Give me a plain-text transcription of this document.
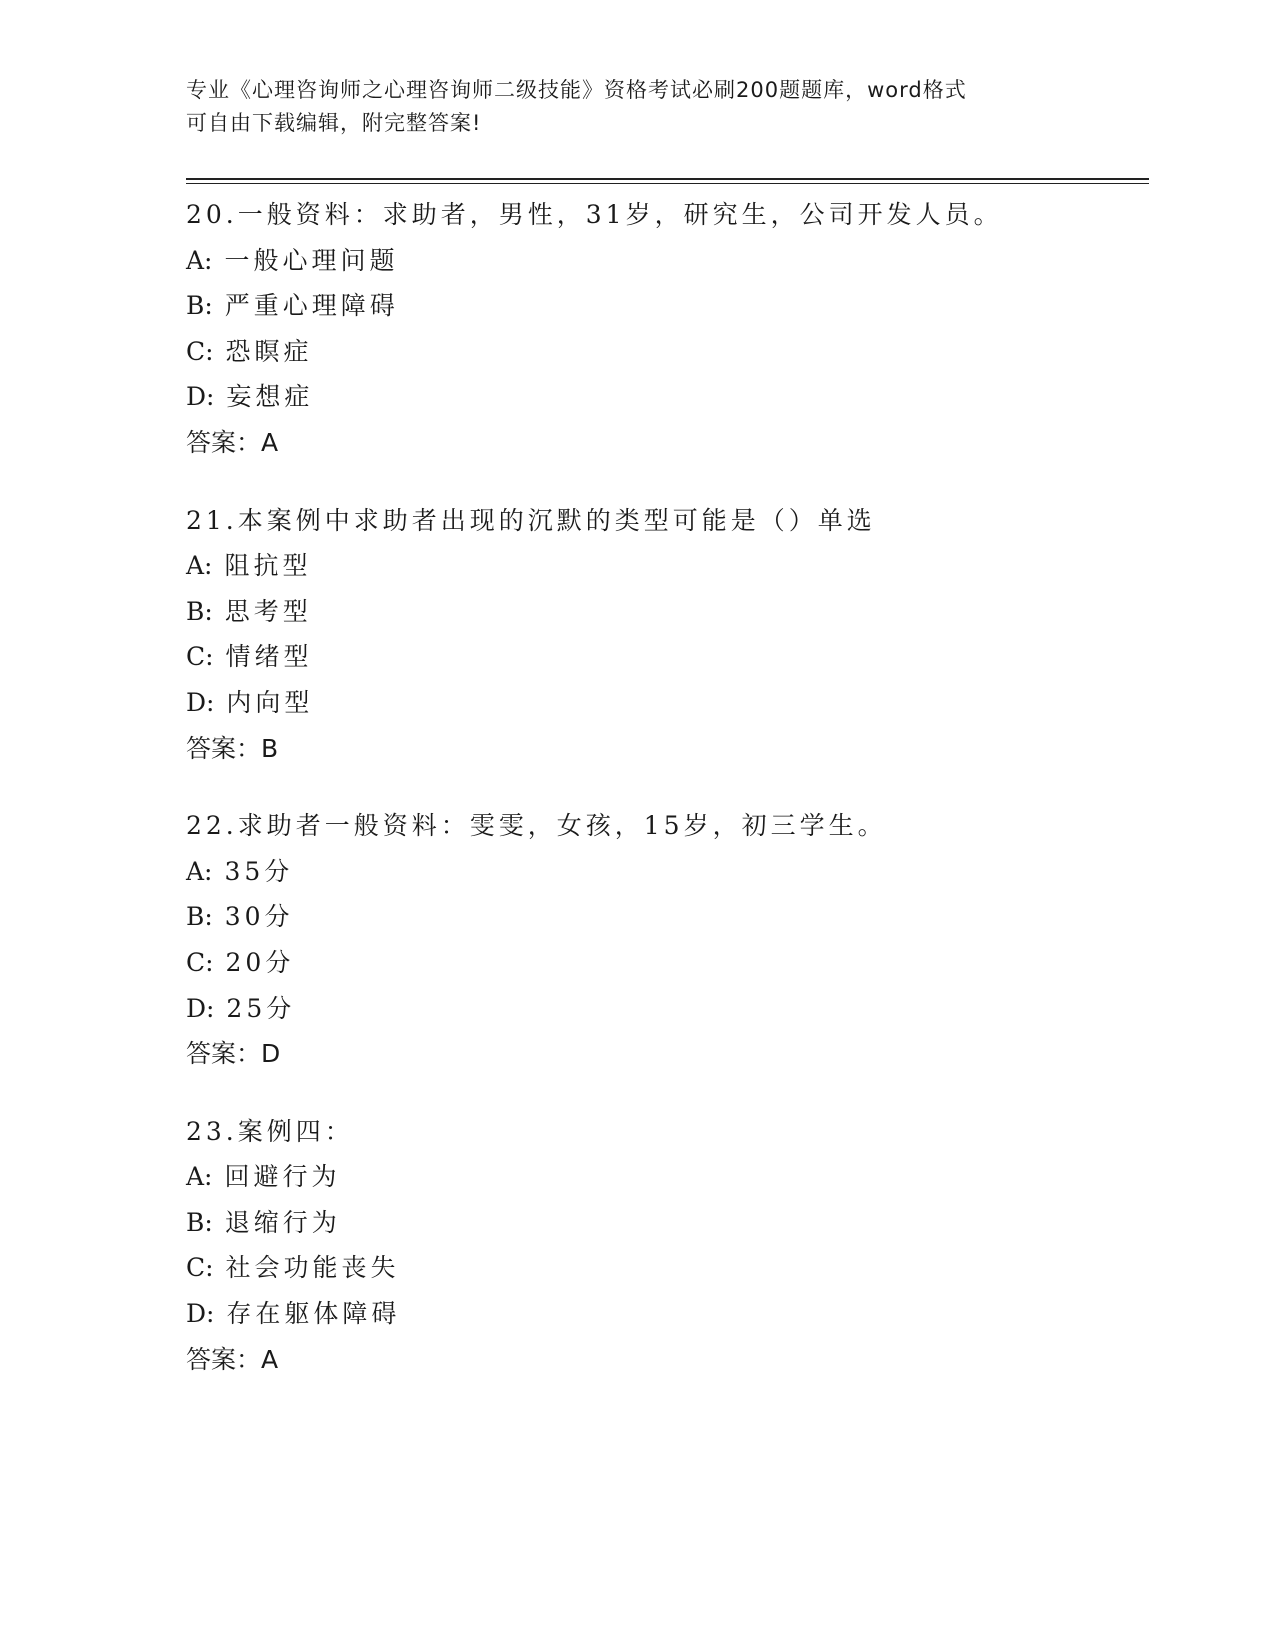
专业《心理咨询师之心理咨询师二级技能》资格考试必刷200题题库，word格式
可自由下载编辑，附完整答案!
20.一般资料：求助者，男性，31岁，研究生，公司开发人员。
A: 一般心理问题
B: 严重心理障碍
C: 恐瞑症
D: 妄想症
答案：A
21.本案例中求助者出现的沉默的类型可能是（）单选
A: 阻抗型
B: 思考型
C: 情绪型
D: 内向型
答案：B
22.求助者一般资料：雯雯，女孩，15岁，初三学生。
A: 35分
B: 30分
C: 20分
D: 25分
答案：D
23.案例四：
A: 回避行为
B: 退缩行为
C: 社会功能丧失
D: 存在躯体障碍
答案：A
